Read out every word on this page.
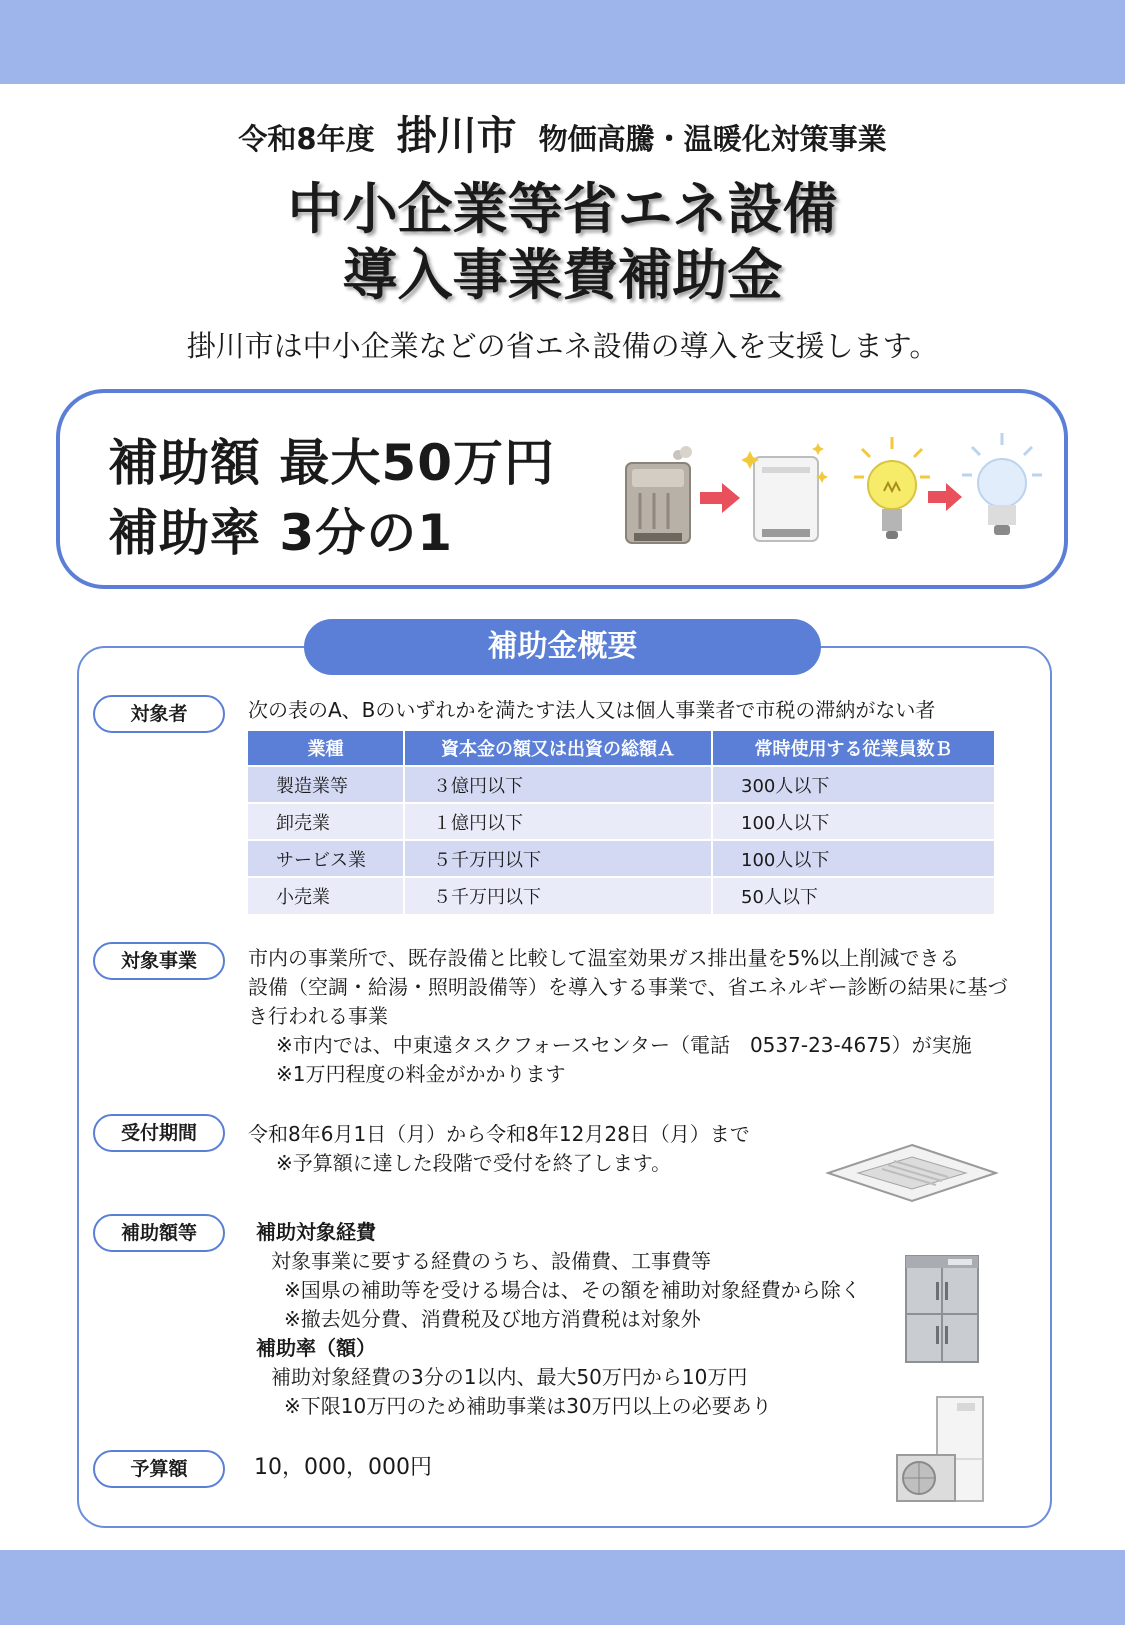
令和8年度 掛川市 物価高騰・温暖化対策事業
中小企業等省エネ設備
導入事業費補助金
掛川市は中小企業などの省エネ設備の導入を支援します。
補助額 最大50万円
補助率 3分の1
補助金概要
対象者	次の表のA、Bのいずれかを満たす法人又は個人事業者で市税の滞納がない者
業種	資本金の額又は出資の総額Ａ	常時使用する従業員数Ｂ
製造業等	３億円以下	300人以下
卸売業	１億円以下	100人以下
サービス業	５千万円以下	100人以下
小売業	５千万円以下	50人以下
対象事業	市内の事業所で、既存設備と比較して温室効果ガス排出量を5%以上削減できる
設備（空調・給湯・照明設備等）を導入する事業で、省エネルギー診断の結果に基づ
き行われる事業
※市内では、中東遠タスクフォースセンター（電話　0537-23-4675）が実施
※1万円程度の料金がかかります
受付期間	令和8年6月1日（月）から令和8年12月28日（月）まで
※予算額に達した段階で受付を終了します。
補助額等	補助対象経費
対象事業に要する経費のうち、設備費、工事費等
※国県の補助等を受ける場合は、その額を補助対象経費から除く
※撤去処分費、消費税及び地方消費税は対象外
補助率（額）
補助対象経費の3分の1以内、最大50万円から10万円
※下限10万円のため補助事業は30万円以上の必要あり
予算額	10，000，000円
